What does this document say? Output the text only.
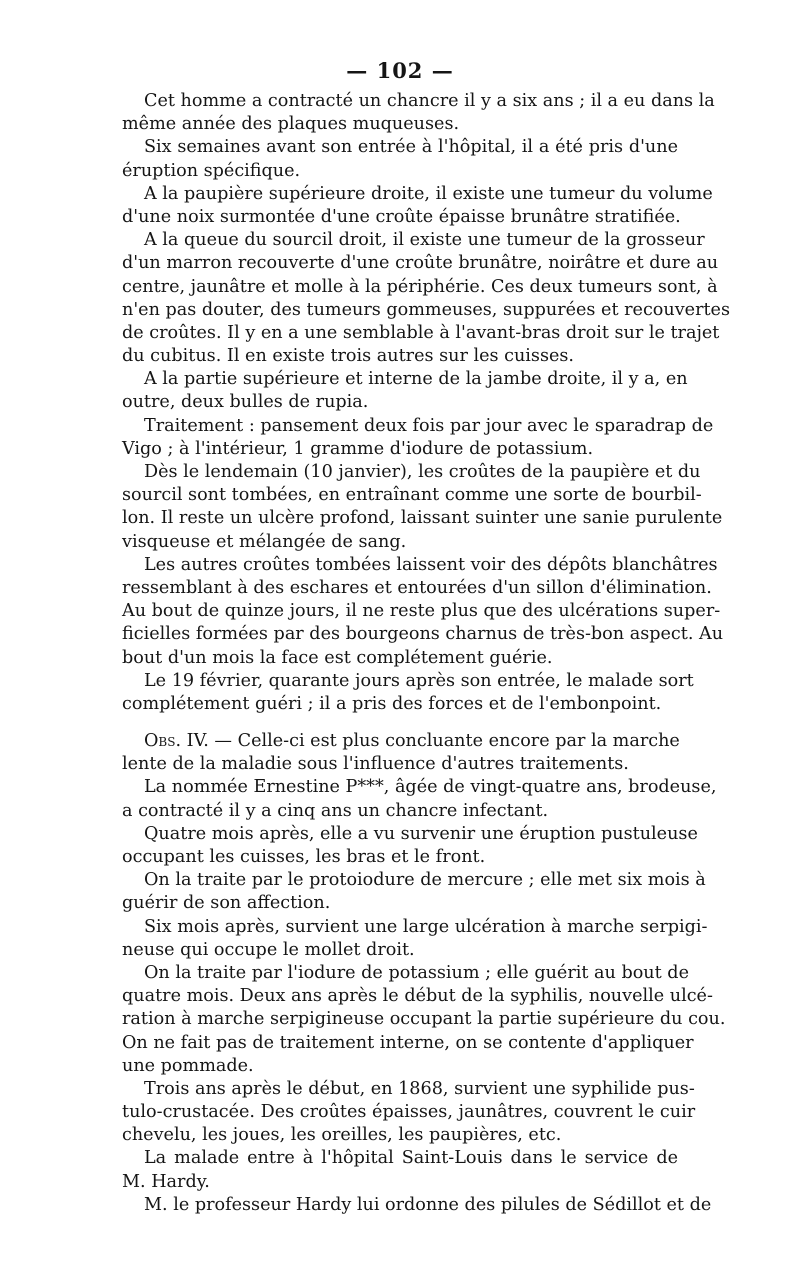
— 102 —
Cet homme a contracté un chancre il y a six ans ; il a eu dans la
même année des plaques muqueuses.
Six semaines avant son entrée à l'hôpital, il a été pris d'une
éruption spécifique.
A la paupière supérieure droite, il existe une tumeur du volume
d'une noix surmontée d'une croûte épaisse brunâtre stratifiée.
A la queue du sourcil droit, il existe une tumeur de la grosseur
d'un marron recouverte d'une croûte brunâtre, noirâtre et dure au
centre, jaunâtre et molle à la périphérie. Ces deux tumeurs sont, à
n'en pas douter, des tumeurs gommeuses, suppurées et recouvertes
de croûtes. Il y en a une semblable à l'avant-bras droit sur le trajet
du cubitus. Il en existe trois autres sur les cuisses.
A la partie supérieure et interne de la jambe droite, il y a, en
outre, deux bulles de rupia.
Traitement : pansement deux fois par jour avec le sparadrap de
Vigo ; à l'intérieur, 1 gramme d'iodure de potassium.
Dès le lendemain (10 janvier), les croûtes de la paupière et du
sourcil sont tombées, en entraînant comme une sorte de bourbil-
lon. Il reste un ulcère profond, laissant suinter une sanie purulente
visqueuse et mélangée de sang.
Les autres croûtes tombées laissent voir des dépôts blanchâtres
ressemblant à des eschares et entourées d'un sillon d'élimination.
Au bout de quinze jours, il ne reste plus que des ulcérations super-
ficielles formées par des bourgeons charnus de très-bon aspect. Au
bout d'un mois la face est complétement guérie.
Le 19 février, quarante jours après son entrée, le malade sort
complétement guéri ; il a pris des forces et de l'embonpoint.
Obs. IV. — Celle-ci est plus concluante encore par la marche
lente de la maladie sous l'influence d'autres traitements.
La nommée Ernestine P***, âgée de vingt-quatre ans, brodeuse,
a contracté il y a cinq ans un chancre infectant.
Quatre mois après, elle a vu survenir une éruption pustuleuse
occupant les cuisses, les bras et le front.
On la traite par le protoiodure de mercure ; elle met six mois à
guérir de son affection.
Six mois après, survient une large ulcération à marche serpigi-
neuse qui occupe le mollet droit.
On la traite par l'iodure de potassium ; elle guérit au bout de
quatre mois. Deux ans après le début de la syphilis, nouvelle ulcé-
ration à marche serpigineuse occupant la partie supérieure du cou.
On ne fait pas de traitement interne, on se contente d'appliquer
une pommade.
Trois ans après le début, en 1868, survient une syphilide pus-
tulo-crustacée. Des croûtes épaisses, jaunâtres, couvrent le cuir
chevelu, les joues, les oreilles, les paupières, etc.
La malade entre à l'hôpital Saint-Louis dans le service de
M. Hardy.
M. le professeur Hardy lui ordonne des pilules de Sédillot et de
